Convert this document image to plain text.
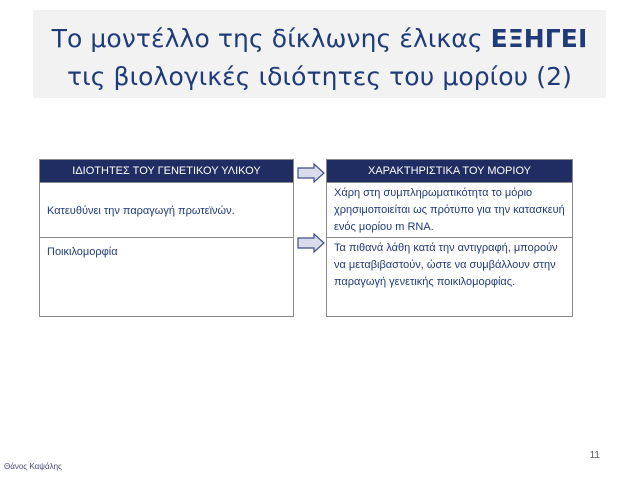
Το μοντέλλο της δίκλωνης έλικας ΕΞΗΓΕΙ
τις βιολογικές ιδιότητες του μορίου (2)
ΙΔΙΟΤΗΤΕΣ ΤΟΥ ΓΕΝΕΤΙΚΟΥ ΥΛΙΚΟΥ
Κατευθύνει την παραγωγή πρωτεϊνών.
Ποικιλομορφία
ΧΑΡΑΚΤΗΡΙΣΤΙΚΑ ΤΟΥ ΜΟΡΙΟΥ
Χάρη στη συμπληρωματικότητα το μόριο χρησιμοποιείται ως πρότυπο για την κατασκευή ενός μορίου m RNA.
Τα πιθανά λάθη κατά την αντιγραφή, μπορούν να μεταβιβαστούν, ώστε να συμβάλλουν στην παραγωγή γενετικής ποικιλομορφίας.
11
Θάνος Καψάλης
